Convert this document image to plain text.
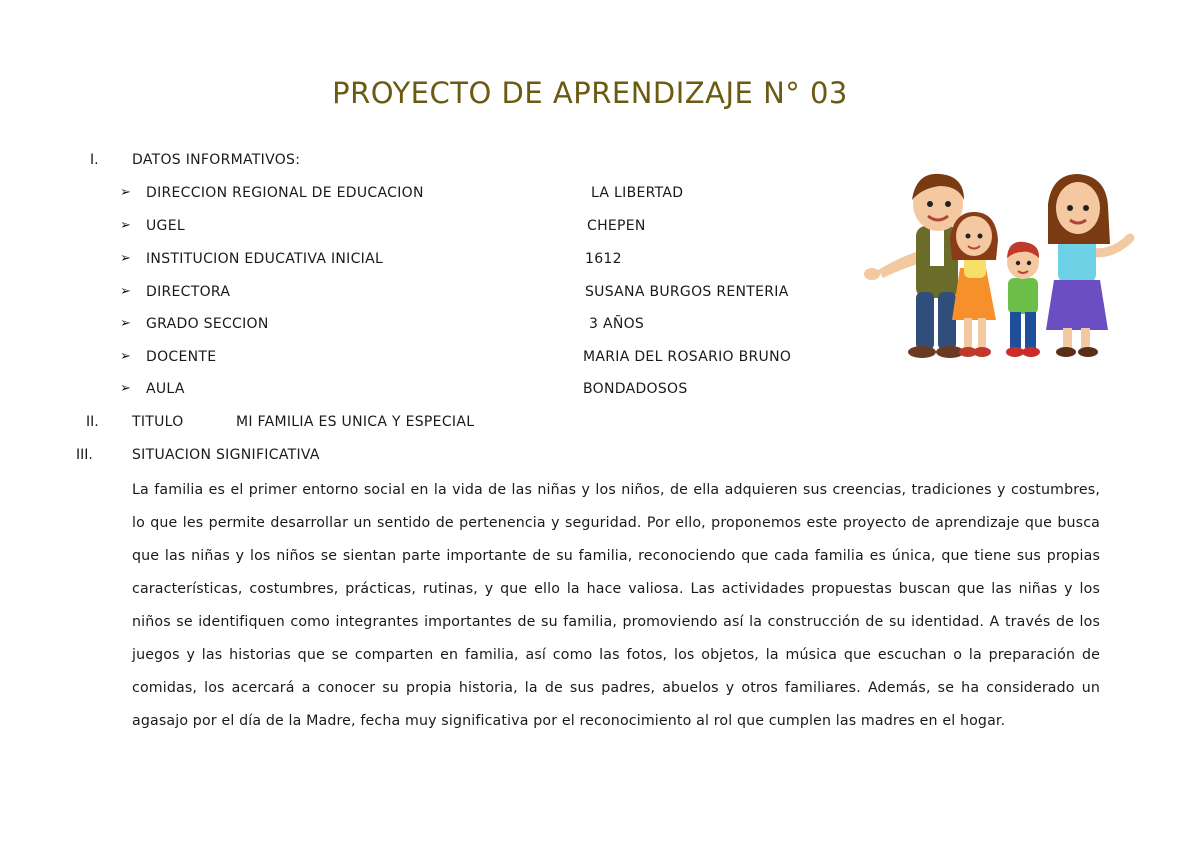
PROYECTO DE APRENDIZAJE N° 03
I. DATOS INFORMATIVOS:
➢ DIRECCION REGIONAL DE EDUCACION	LA LIBERTAD
➢ UGEL	CHEPEN
➢ INSTITUCION EDUCATIVA INICIAL	1612
➢ DIRECTORA	SUSANA BURGOS RENTERIA
➢ GRADO SECCION	3 AÑOS
➢ DOCENTE	MARIA DEL ROSARIO BRUNO
➢ AULA	BONDADOSOS
II. TITULO	MI FAMILIA ES UNICA Y ESPECIAL
III.	SITUACION SIGNIFICATIVA
La familia es el primer entorno social en la vida de las niñas y los niños, de ella adquieren sus creencias, tradiciones y costumbres, lo que les permite desarrollar un sentido de pertenencia y seguridad. Por ello, proponemos este proyecto de aprendizaje que busca que las niñas y los niños se sientan parte importante de su familia, reconociendo que cada familia es única, que tiene sus propias características, costumbres, prácticas, rutinas, y que ello la hace valiosa. Las actividades propuestas buscan que las niñas y los niños se identifiquen como integrantes importantes de su familia, promoviendo así la construcción de su identidad. A través de los juegos y las historias que se comparten en familia, así como las fotos, los objetos, la música que escuchan o la preparación de comidas, los acercará a conocer su propia historia, la de sus padres, abuelos y otros familiares. Además, se ha considerado un agasajo por el día de la Madre, fecha muy significativa por el reconocimiento al rol que cumplen las madres en el hogar.
